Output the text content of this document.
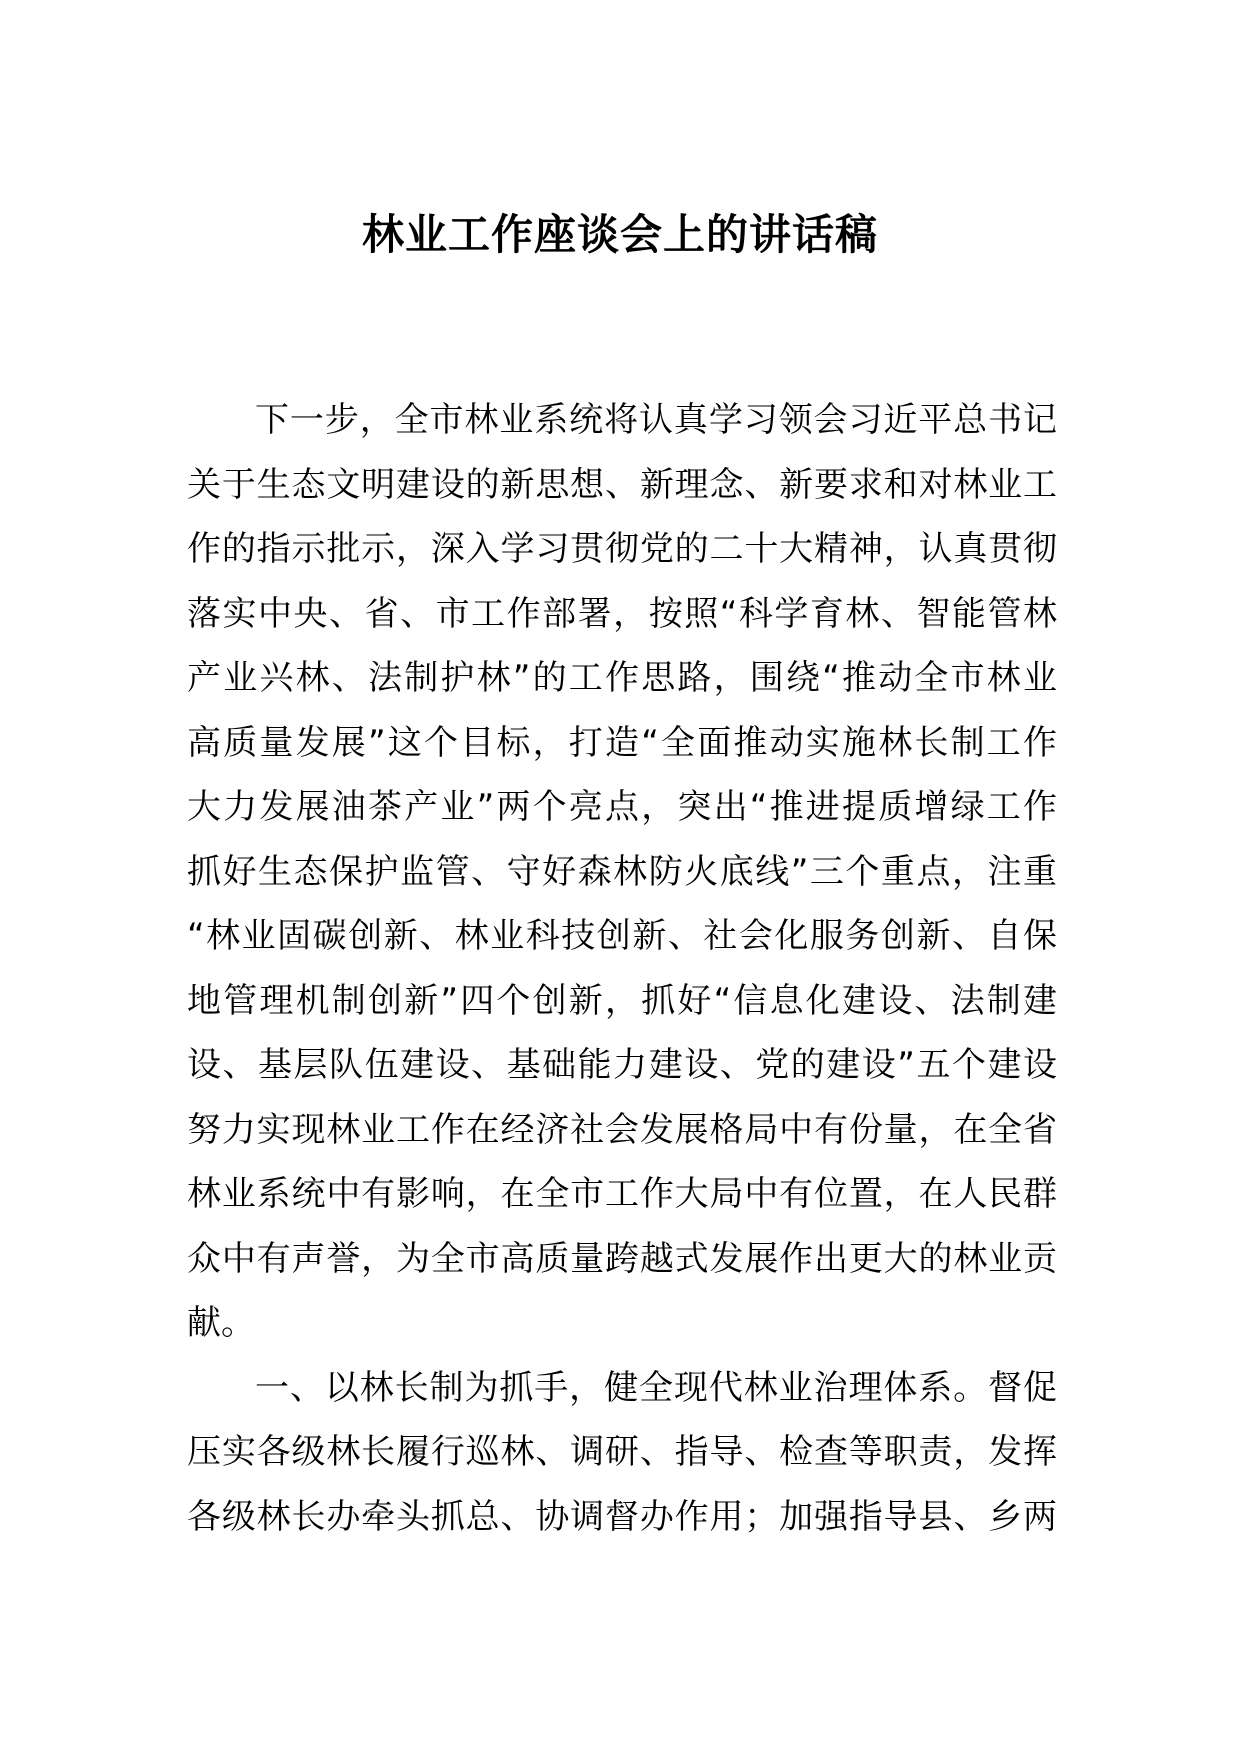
林业工作座谈会上的讲话稿
下一步，全市林业系统将认真学习领会习近平总书记
关于生态文明建设的新思想、新理念、新要求和对林业工
作的指示批示，深入学习贯彻党的二十大精神，认真贯彻
落实中央、省、市工作部署，按照“科学育林、智能管林
产业兴林、法制护林”的工作思路，围绕“推动全市林业
高质量发展”这个目标，打造“全面推动实施林长制工作
大力发展油茶产业”两个亮点，突出“推进提质增绿工作
抓好生态保护监管、守好森林防火底线”三个重点，注重
“林业固碳创新、林业科技创新、社会化服务创新、自保
地管理机制创新”四个创新，抓好“信息化建设、法制建
设、基层队伍建设、基础能力建设、党的建设”五个建设
努力实现林业工作在经济社会发展格局中有份量，在全省
林业系统中有影响，在全市工作大局中有位置，在人民群
众中有声誉，为全市高质量跨越式发展作出更大的林业贡
献。
一、以林长制为抓手，健全现代林业治理体系。督促
压实各级林长履行巡林、调研、指导、检查等职责，发挥
各级林长办牵头抓总、协调督办作用；加强指导县、乡两
